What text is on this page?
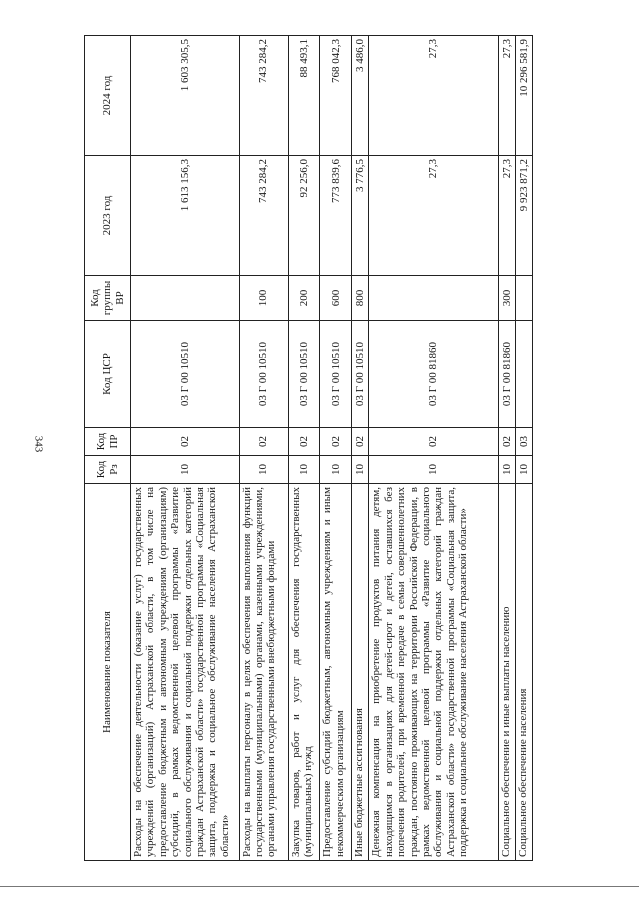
343
Наименование показателя	Код Рз	Код ПР	Код ЦСР	Код группы ВР	2023 год	2024 год
Расходы на обеспечение деятельности (оказание услуг) государственных учреждений (организаций) Астраханской области, в том числе на предоставление бюджетным и автономным учреждениям (организациям) субсидий, в рамках ведомственной целевой программы «Развитие социального обслуживания и социальной поддержки отдельных категорий граждан Астраханской области» государственной программы «Социальная защита, поддержка и социальное обслуживание населения Астраханской области»	10	02	03 Г 00 10510		1 613 156,3	1 603 305,5
Расходы на выплаты персоналу в целях обеспечения выполнения функций государственными (муниципальными) органами, казенными учреждениями, органами управления государственными внебюджетными фондами	10	02	03 Г 00 10510	100	743 284,2	743 284,2
Закупка товаров, работ и услуг для обеспечения государственных (муниципальных) нужд	10	02	03 Г 00 10510	200	92 256,0	88 493,1
Предоставление субсидий бюджетным, автономным учреждениям и иным некоммерческим организациям	10	02	03 Г 00 10510	600	773 839,6	768 042,3
Иные бюджетные ассигнования	10	02	03 Г 00 10510	800	3 776,5	3 486,0
Денежная компенсация на приобретение продуктов питания детям, находящимся в организациях для детей-сирот и детей, оставшихся без попечения родителей, при временной передаче в семьи совершеннолетних граждан, постоянно проживающих на территории Российской Федерации, в рамках ведомственной целевой программы «Развитие социального обслуживания и социальной поддержки отдельных категорий граждан Астраханской области» государственной программы «Социальная защита, поддержка и социальное обслуживание населения Астраханской области»	10	02	03 Г 00 81860		27,3	27,3
Социальное обеспечение и иные выплаты населению	10	02	03 Г 00 81860	300	27,3	27,3
Социальное обеспечение населения	10	03			9 923 871,2	10 296 581,9
